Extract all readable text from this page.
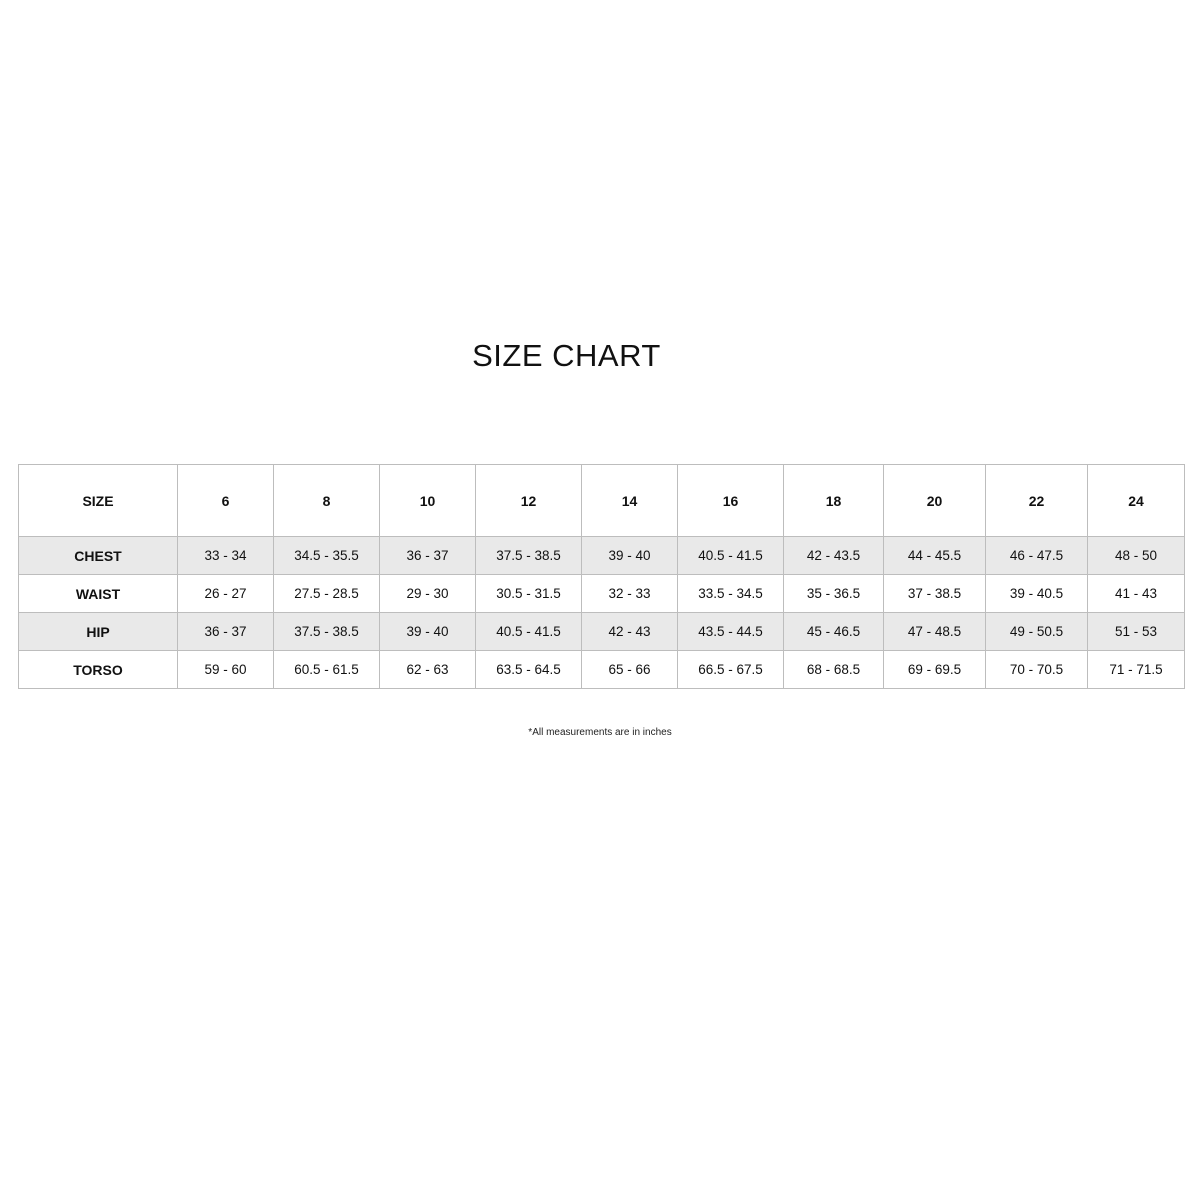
SIZE CHART
SIZE	6	8	10	12	14	16	18	20	22	24
CHEST	33 - 34	34.5 - 35.5	36 - 37	37.5 - 38.5	39 - 40	40.5 - 41.5	42 - 43.5	44 - 45.5	46 - 47.5	48 - 50
WAIST	26 - 27	27.5 - 28.5	29 - 30	30.5 - 31.5	32 - 33	33.5 - 34.5	35 - 36.5	37 - 38.5	39 - 40.5	41 - 43
HIP	36 - 37	37.5 - 38.5	39 - 40	40.5 - 41.5	42 - 43	43.5 - 44.5	45 - 46.5	47 - 48.5	49 - 50.5	51 - 53
TORSO	59 - 60	60.5 - 61.5	62 - 63	63.5 - 64.5	65 - 66	66.5 - 67.5	68 - 68.5	69 - 69.5	70 - 70.5	71 - 71.5
*All measurements are in inches
